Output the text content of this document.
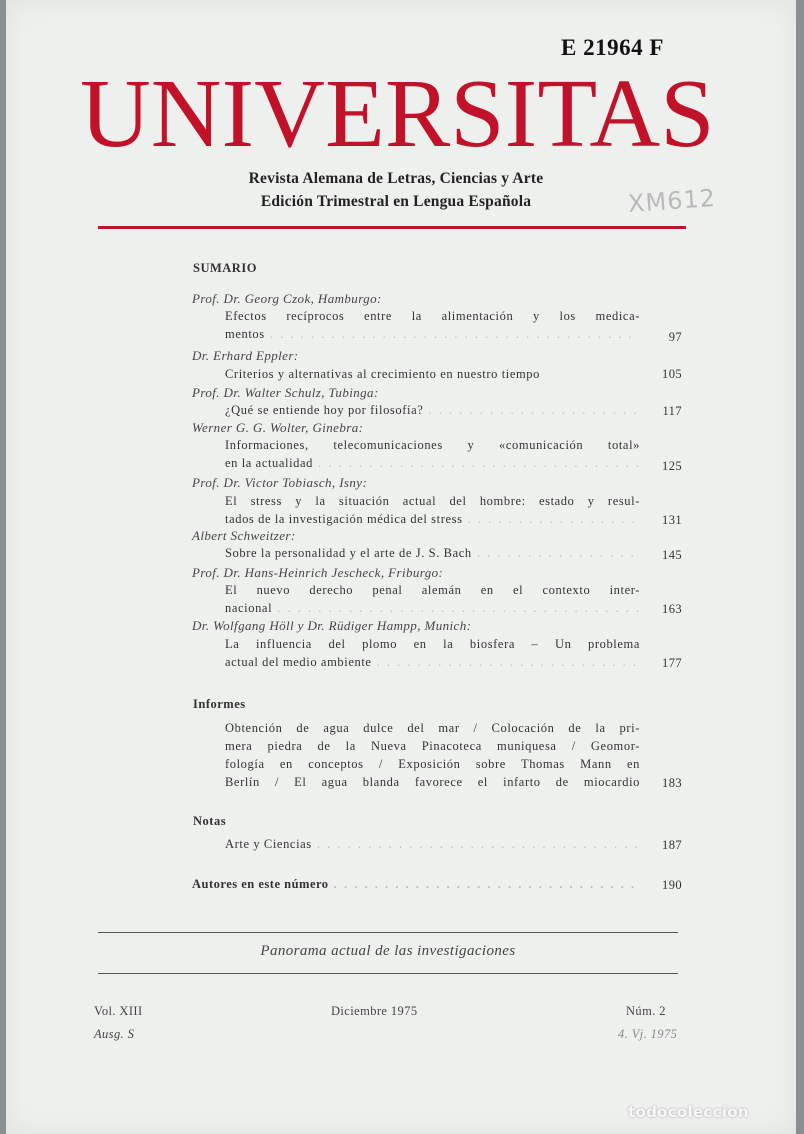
E 21964 F
UNIVERSITAS
Revista Alemana de Letras, Ciencias y Arte
Edición Trimestral en Lengua Española	XM612
SUMARIO
Prof. Dr. Georg Czok, Hamburgo :
Efectos recíprocos entre la alimentación y los medica-
mentos . . .	97
Dr. Erhard Eppler :
Criterios y alternativas al crecimiento en nuestro tiempo	105
Prof. Dr. Walter Schulz, Tubinga :
¿Qué se entiende hoy por filosofía? . . .	117
Werner G. G. Wolter, Ginebra :
Informaciones, telecomunicaciones y «comunicación total»
en la actualidad . . .	125
Prof. Dr. Victor Tobiasch, Isny :
El stress y la situación actual del hombre: estado y resul-
tados de la investigación médica del stress . . .	131
Albert Schweitzer :
Sobre la personalidad y el arte de J. S. Bach . . .	145
Prof. Dr. Hans-Heinrich Jescheck, Friburgo :
El nuevo derecho penal alemán en el contexto inter-
nacional . . .	163
Dr. Wolfgang Höll y Dr. Rüdiger Hampp, Munich :
La influencia del plomo en la biosfera – Un problema
actual del medio ambiente . . .	177
Informes
Obtención de agua dulce del mar / Colocación de la pri-
mera piedra de la Nueva Pinacoteca muniquesa / Geomor-
fología en conceptos / Exposición sobre Thomas Mann en
Berlín / El agua blanda favorece el infarto de miocardio	183
Notas
Arte y Ciencias . . .	187
Autores en este número . . .	190
Panorama actual de las investigaciones
Vol. XIII
Ausg. S
Diciembre 1975	Núm. 2
4. Vj. 1975
todocoleccion
